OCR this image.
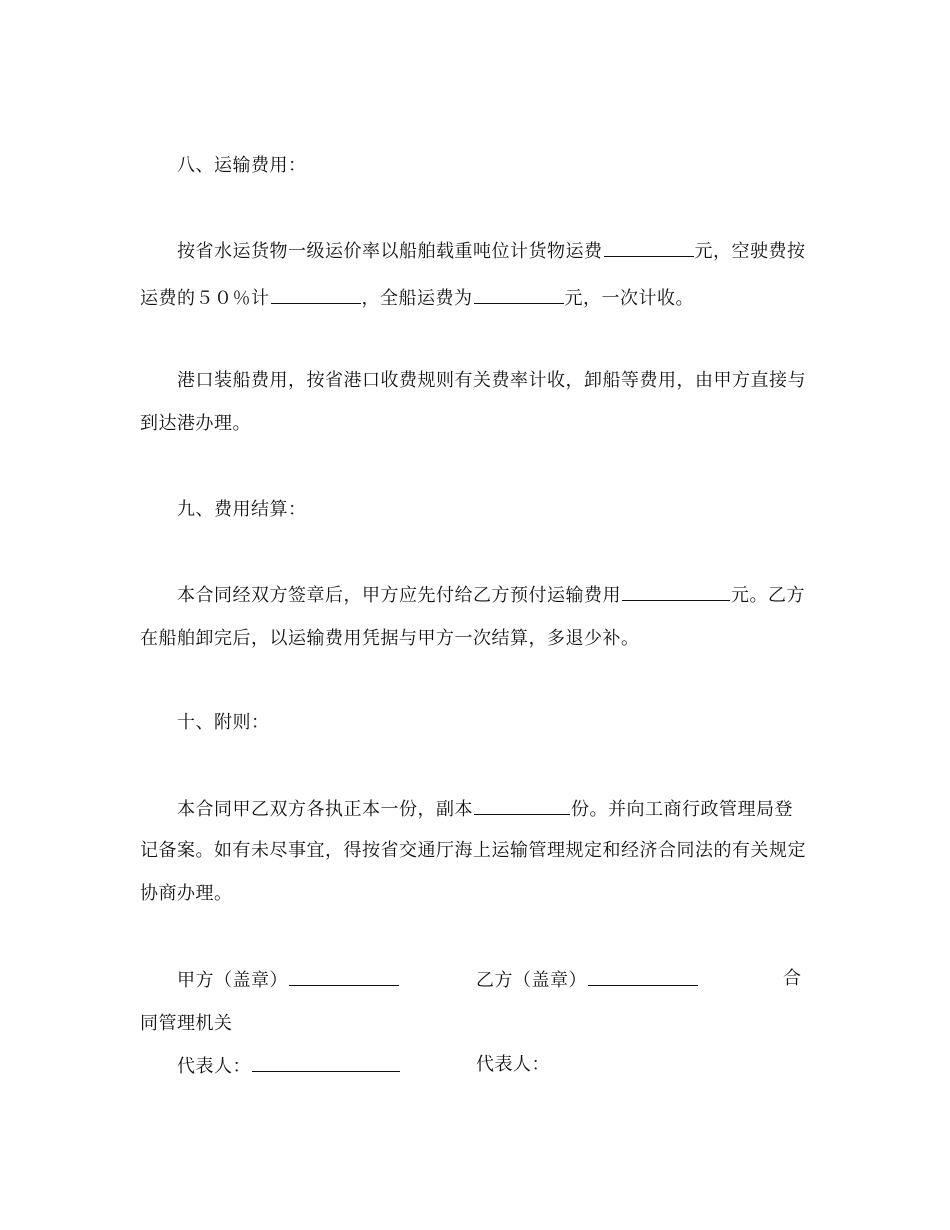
八、运输费用：
按省水运货物一级运价率以船舶载重吨位计货物运费	元，空驶费按
运费的５０％计	，全船运费为	元，一次计收。
港口装船费用，按省港口收费规则有关费率计收，卸船等费用，由甲方直接与
到达港办理。
九、费用结算：
本合同经双方签章后，甲方应先付给乙方预付运输费用	元。乙方
在船舶卸完后，以运输费用凭据与甲方一次结算，多退少补。
十、附则：
本合同甲乙双方各执正本一份，副本	份。并向工商行政管理局登
记备案。如有未尽事宜，得按省交通厅海上运输管理规定和经济合同法的有关规定
协商办理。
甲方（盖章）	乙方（盖章）	合
同管理机关
代表人：	代表人：
